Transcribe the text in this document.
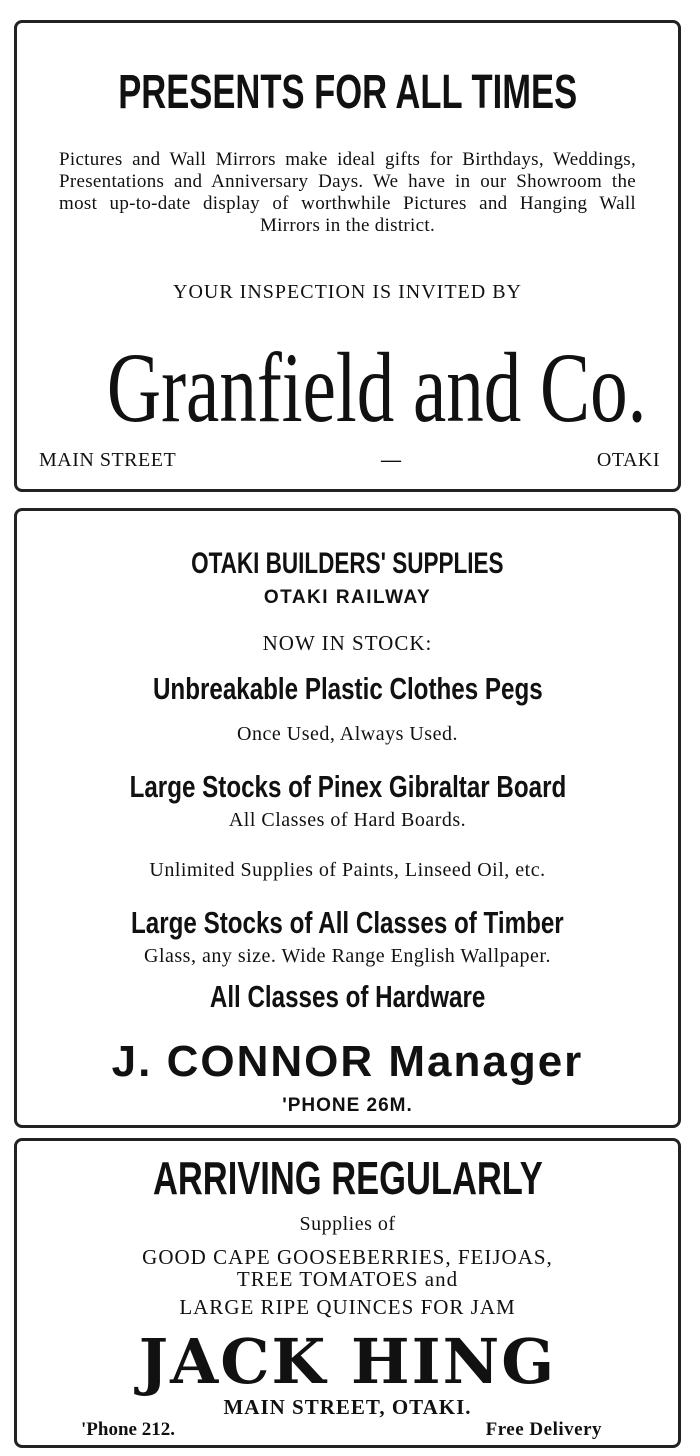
PRESENTS FOR ALL TIMES
Pictures and Wall Mirrors make ideal gifts for Birthdays, Weddings, Presentations and Anniversary Days. We have in our Showroom the most up-to-date display of worthwhile Pictures and Hanging Wall Mirrors in the district.
YOUR INSPECTION IS INVITED BY
Granfield and Co.
MAIN STREET	—	OTAKI
OTAKI BUILDERS' SUPPLIES
OTAKI RAILWAY
NOW IN STOCK:
Unbreakable Plastic Clothes Pegs
Once Used, Always Used.
Large Stocks of Pinex Gibraltar Board
All Classes of Hard Boards.
Unlimited Supplies of Paints, Linseed Oil, etc.
Large Stocks of All Classes of Timber
Glass, any size. Wide Range English Wallpaper.
All Classes of Hardware
J. CONNOR Manager
'PHONE 26M.
ARRIVING REGULARLY
Supplies of
GOOD CAPE GOOSEBERRIES, FEIJOAS,
TREE TOMATOES and
LARGE RIPE QUINCES FOR JAM
JACK HING
MAIN STREET, OTAKI.
'Phone 212.	Free Delivery
